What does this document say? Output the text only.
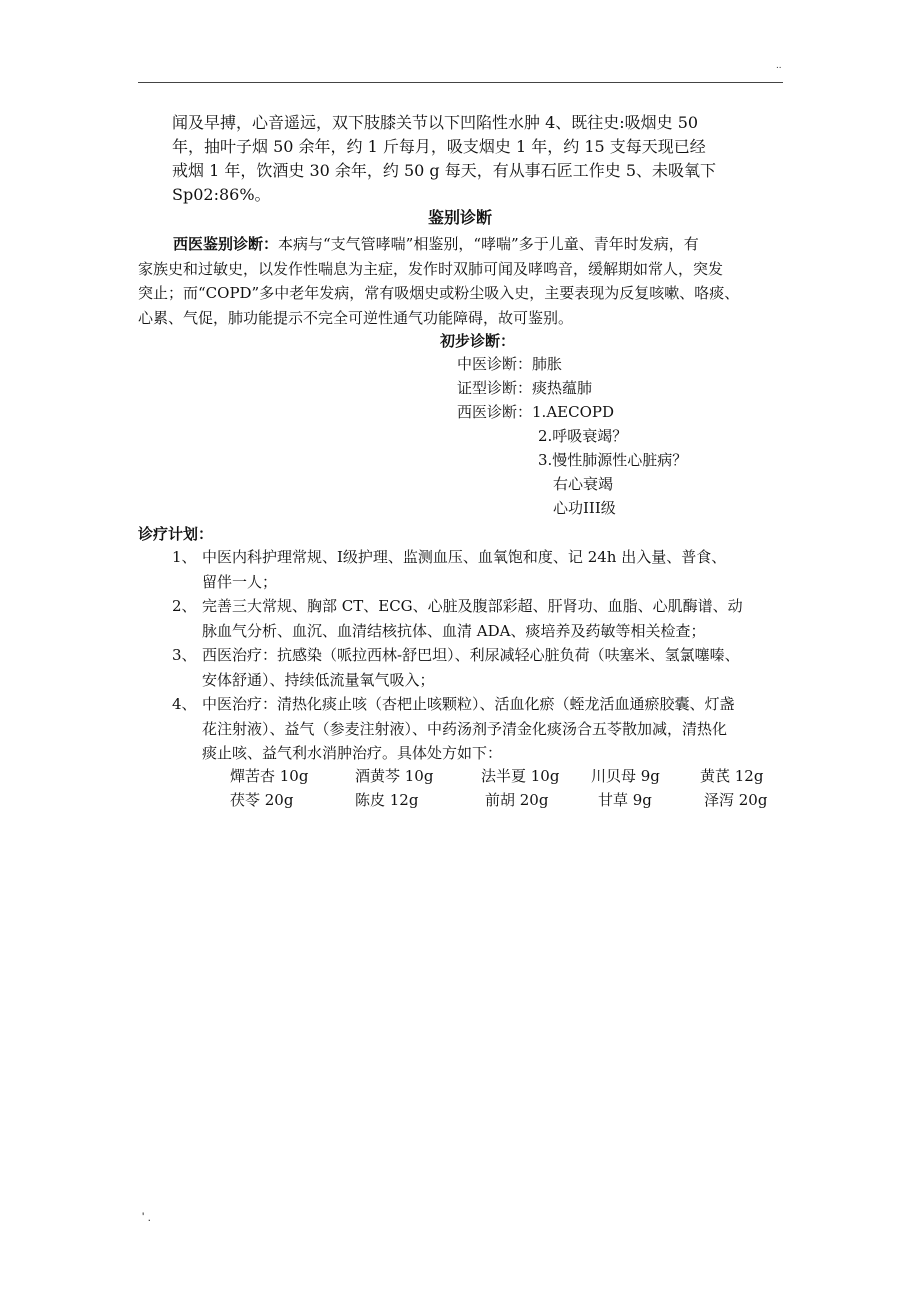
..

闻及早搏，心音遥远，双下肢膝关节以下凹陷性水肿 4、既往史:吸烟史 50

年，抽叶子烟 50 余年，约 1 斤每月，吸支烟史 1 年，约 15 支每天现已经

戒烟 1 年，饮酒史 30 余年，约 50 g 每天，有从事石匠工作史 5、未吸氧下

Sp02:86%。

鉴别诊断

西医鉴别诊断：本病与“支气管哮喘”相鉴别，“哮喘”多于儿童、青年时发病，有

家族史和过敏史，以发作性喘息为主症，发作时双肺可闻及哮鸣音，缓解期如常人，突发

突止；而“COPD”多中老年发病，常有吸烟史或粉尘吸入史，主要表现为反复咳嗽、咯痰、

心累、气促，肺功能提示不完全可逆性通气功能障碍，故可鉴别。

初步诊断：
中医诊断：肺胀
证型诊断：痰热蕴肺
西医诊断：1.AECOPD
2.呼吸衰竭？
3.慢性肺源性心脏病？
右心衰竭
心功III级
诊疗计划：
1、 中医内科护理常规、Ⅰ级护理、监测血压、血氧饱和度、记 24h 出入量、普食、

留伴一人；

2、 完善三大常规、胸部 CT、ECG、心脏及腹部彩超、肝肾功、血脂、心肌酶谱、动

脉血气分析、血沉、血清结核抗体、血清 ADA、痰培养及药敏等相关检查；

3、 西医治疗：抗感染（哌拉西林-舒巴坦）、利尿减轻心脏负荷（呋塞米、氢氯噻嗪、

安体舒通）、持续低流量氧气吸入；

4、 中医治疗：清热化痰止咳（杏杷止咳颗粒）、活血化瘀（蛭龙活血通瘀胶囊、灯盏

花注射液）、益气（参麦注射液）、中药汤剂予清金化痰汤合五苓散加减，清热化

痰止咳、益气利水消肿治疗。具体处方如下：

燀苦杏 10g	酒黄芩 10g	法半夏 10g 川贝母 9g	黄芪 12g
茯苓 20g	陈皮 12g	前胡 20g	甘草 9g	泽泻 20g
' .
